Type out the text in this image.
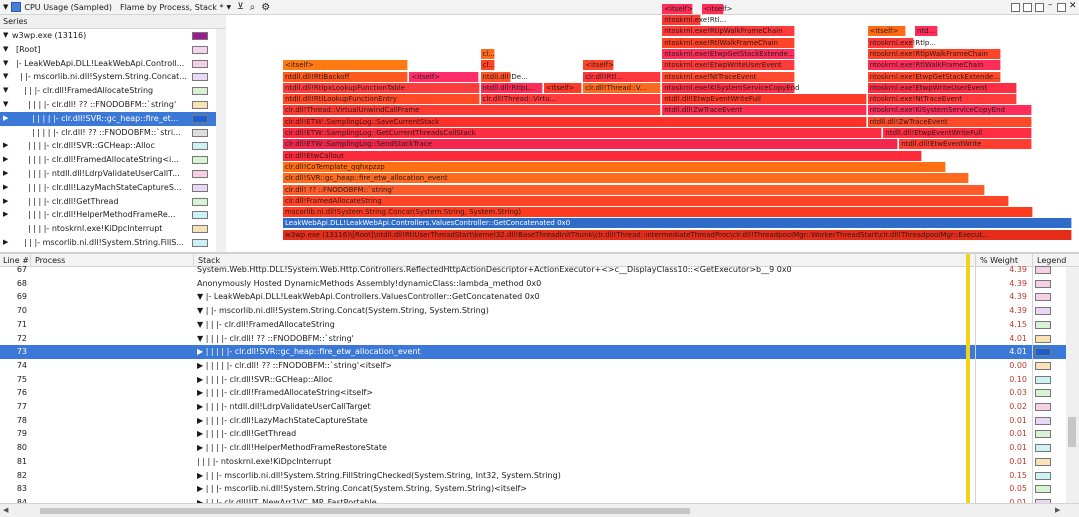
▼ CPU Usage (Sampled) Flame by Process, Stack * ▼ ⊻ ⌕ ⚙	– ✕
Series
▼ w3wp.exe (13116)
▼ [Root]
▼ |- LeakWebApi.DLL!LeakWebApi.Controll...
▼	| |- mscorlib.ni.dll!System.String.Concat...
▼	| | |- clr.dll!FramedAllocateString
▼	| | | |- clr.dll! ?? ::FNODOBFM::`string'
▶	| | | | |- clr.dll!SVR::gc_heap::fire_et...
| | | | |- clr.dll! ?? ::FNODOBFM::`stri...
▶	| | | |- clr.dll!SVR::GCHeap::Alloc
▶	| | | |- clr.dll!FramedAllocateString<i...
▶	| | | |- ntdll.dll!LdrpValidateUserCallT...
▶	| | | |- clr.dll!LazyMachStateCaptureS...
▶	| | | |- clr.dll!GetThread
▶	| | | |- clr.dll!HelperMethodFrameRe...
| | | |- ntoskrnl.exe!KiDpcInterrupt
▶	| | |- mscorlib.ni.dll!System.String.FillS...
w3wp.exe (13116)\[Root]\ntdll.dll!RtlUserThreadStart\kernel32.dll!BaseThreadInitThunk\clr.dll!Thread::intermediateThreadProc\clr.dll!ThreadpoolMgr::WorkerThreadStart\clr.dll!ThreadpoolMgr::Execut...
LeakWebApi.DLL!LeakWebApi.Controllers.ValuesController::GetConcatenated 0x0
mscorlib.ni.dll!System.String.Concat(System.String, System.String)
clr.dll!FramedAllocateString
clr.dll! ?? ::FNODOBFM::`string'
clr.dll!SVR::gc_heap::fire_etw_allocation_event
clr.dll!CoTemplate_qqhxpzzp
clr.dll!EtwCallout
clr.dll!ETW::SamplingLog::SendStackTrace
clr.dll!ETW::SamplingLog::GetCurrentThreadsCallStack
clr.dll!ETW::SamplingLog::SaveCurrentStack
clr.dll!Thread::VirtualUnwindCallFrame
ntdll.dll!RtlLookupFunctionEntry
ntdll.dll!RtlpxLookupFunctionTable
ntdll.dll!RtlBackoff
<itself>
<itself>
clr.dll!Thread::Virtu...
ntdll.dll!RtlpL...
ntdll.dll!De...
cl...
cl...
<itself>	clr.dll!Thread::V...
clr.dll!Rtl...
<itself>
ntdll.dll!ZwTraceEvent
ntdll.dll!EtwpEventWriteFull
ntoskrnl.exe!KiSystemServiceCopyEnd
ntoskrnl.exe!NtTraceEvent
ntoskrnl.exe!EtwpWriteUserEvent
ntoskrnl.exe!EtwpGetStackExtende...
ntoskrnl.exe!RtlWalkFrameChain
ntoskrnl.exe!RtlpWalkFrameChain
ntoskrnl.exe!Rtl...
<itself> <itself>
ntdll.dll!EtwEventWrite
ntdll.dll!EtwpEventWriteFull
ntdll.dll!ZwTraceEvent
ntoskrnl.exe!KiSystemServiceCopyEnd
ntoskrnl.exe!NtTraceEvent
ntoskrnl.exe!EtwpWriteUserEvent
ntoskrnl.exe!EtwpGetStackExtende...
ntoskrnl.exe!RtlWalkFrameChain
ntoskrnl.exe!RtlpWalkFrameChain
ntoskrnl.exe!Rtlp...
<itself>	ntd...
Line # Process	Stack	% Weight	Legend
67	System.Web.Http.DLL!System.Web.Http.Controllers.ReflectedHttpActionDescriptor+ActionExecutor+<>c__DisplayClass10::<GetExecutor>b__9 0x0	4.39
68	Anonymously Hosted DynamicMethods Assembly!dynamicClass::lambda_method 0x0	4.39
69	▼ |- LeakWebApi.DLL!LeakWebApi.Controllers.ValuesController::GetConcatenated 0x0	4.39
70	▼ | |- mscorlib.ni.dll!System.String.Concat(System.String, System.String)	4.39
71	▼ | | |- clr.dll!FramedAllocateString	4.15
72	▼ | | | |- clr.dll! ?? ::FNODOBFM::`string'	4.01
73	▶ | | | | |- clr.dll!SVR::gc_heap::fire_etw_allocation_event	4.01
74	▶ | | | | |- clr.dll! ?? ::FNODOBFM::`string'<itself>	0.00
75	▶ | | | |- clr.dll!SVR::GCHeap::Alloc	0.10
76	▶ | | | |- clr.dll!FramedAllocateString<itself>	0.03
77	▶ | | | |- ntdll.dll!LdrpValidateUserCallTarget	0.02
78	▶ | | | |- clr.dll!LazyMachStateCaptureState	0.01
79	▶ | | | |- clr.dll!GetThread	0.01
80	▶ | | | |- clr.dll!HelperMethodFrameRestoreState	0.01
81	| | | |- ntoskrnl.exe!KiDpcInterrupt	0.01
82	▶ | | |- mscorlib.ni.dll!System.String.FillStringChecked(System.String, Int32, System.String)	0.15
83	▶ | | |- mscorlib.ni.dll!System.String.Concat(System.String, System.String)<itself>	0.05
◀	▶
